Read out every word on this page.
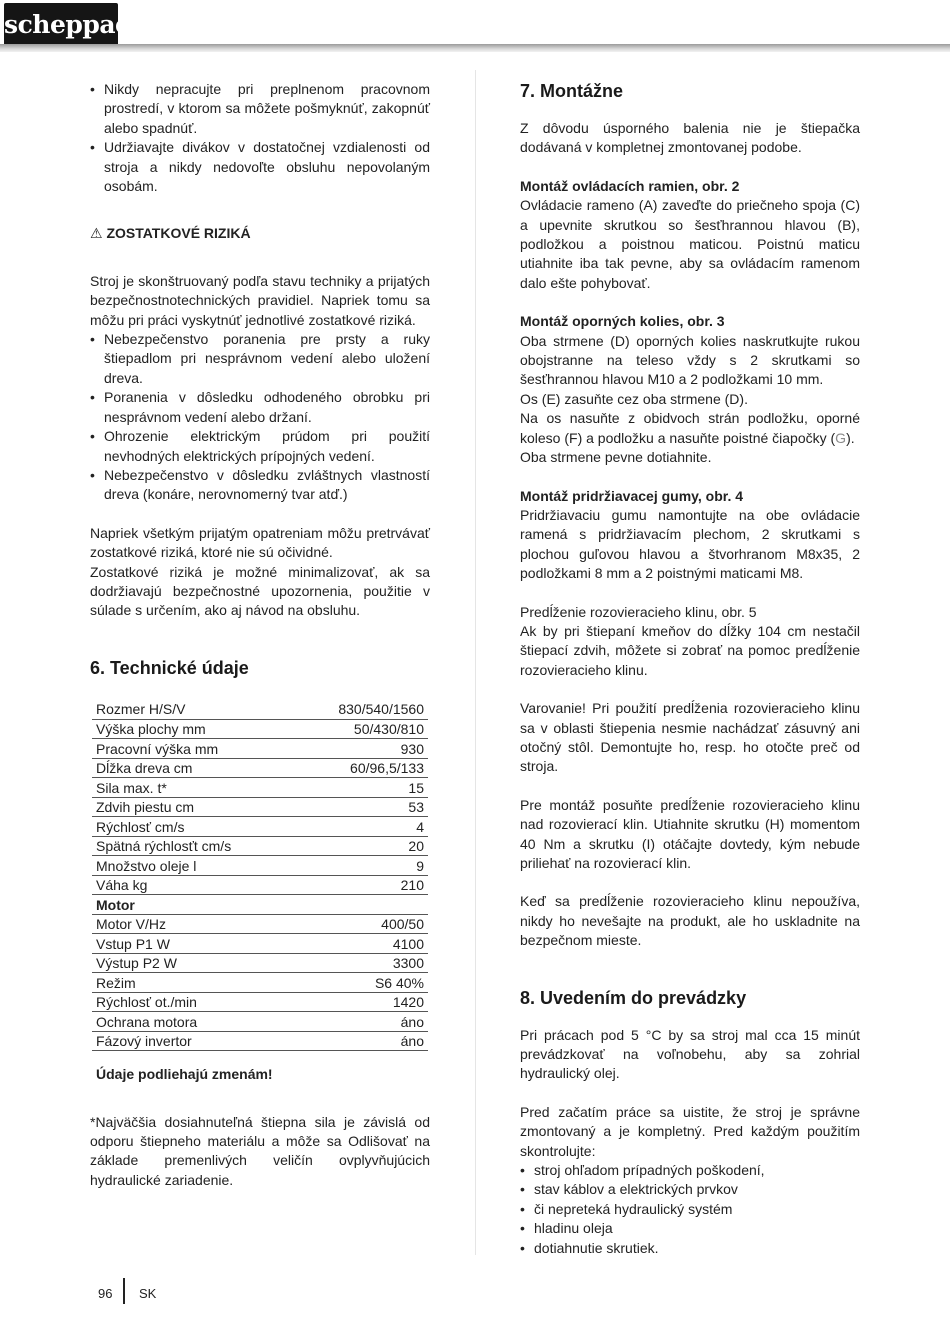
scheppach
• Nikdy nepracujte pri preplnenom pracovnom prostredí, v ktorom sa môžete pošmyknúť, zakopnúť alebo spadnúť.
• Udržiavajte divákov v dostatočnej vzdialenosti od stroja a nikdy nedovoľte obsluhu nepovolaným osobám.
⚠ ZOSTATKOVÉ RIZIKÁ

Stroj je skonštruovaný podľa stavu techniky a prijatých bezpečnostnotechnických pravidiel. Napriek tomu sa môžu pri práci vyskytnúť jednotlivé zostatkové riziká.

• Nebezpečenstvo poranenia pre prsty a ruky štiepadlom pri nesprávnom vedení alebo uložení dreva.
• Poranenia v dôsledku odhodeného obrobku pri nesprávnom vedení alebo držaní.
• Ohrozenie elektrickým prúdom pri použití nevhodných elektrických prípojných vedení.
• Nebezpečenstvo v dôsledku zvláštnych vlastností dreva (konáre, nerovnomerný tvar atď.)

Napriek všetkým prijatým opatreniam môžu pretrvávať zostatkové riziká, ktoré nie sú očividné.

Zostatkové riziká je možné minimalizovať, ak sa dodržiavajú bezpečnostné upozornenia, použitie v súlade s určením, ako aj návod na obsluhu.

6. Technické údaje
Rozmer H/S/V	830/540/1560
Výška plochy mm	50/430/810
Pracovní výška mm	930
Dĺžka dreva cm	60/96,5/133
Sila max. t*	15
Zdvih piestu cm	53
Rýchlosť cm/s	4
Spätná rýchlosťt cm/s	20
Množstvo oleje l	9
Váha kg	210
Motor	
Motor V/Hz	400/50
Vstup P1 W	4100
Výstup P2 W	3300
Režim	S6 40%
Rýchlosť ot./min	1420
Ochrana motora	áno
Fázový invertor	áno
Údaje podliehajú zmenám!

*Najväčšia dosiahnuteľná štiepna sila je závislá od odporu štiepneho materiálu a môže sa Odlišovať na základe premenlivých veličín ovplyvňujúcich hydraulické zariadenie.

7. Montážne

Z dôvodu úsporného balenia nie je štiepačka dodávaná v kompletnej zmontovanej podobe.

Montáž ovládacích ramien, obr. 2

Ovládacie rameno (A) zaveďte do priečneho spoja (C) a upevnite skrutkou so šesťhrannou hlavou (B), podložkou a poistnou maticou. Poistnú maticu utiahnite iba tak pevne, aby sa ovládacím ramenom dalo ešte pohybovať.

Montáž oporných kolies, obr. 3

Oba strmene (D) oporných kolies naskrutkujte rukou obojstranne na teleso vždy s 2 skrutkami so šesťhrannou hlavou M10 a 2 podložkami 10 mm.

Os (E) zasuňte cez oba strmene (D).

Na os nasuňte z obidvoch strán podložku, oporné koleso (F) a podložku a nasuňte poistné čiapočky (G).

Oba strmene pevne dotiahnite.

Montáž pridržiavacej gumy, obr. 4

Pridržiavaciu gumu namontujte na obe ovládacie ramená s pridržiavacím plechom, 2 skrutkami s plochou guľovou hlavou a štvorhranom M8x35, 2 podložkami 8 mm a 2 poistnými maticami M8.

Predĺženie rozovieracieho klinu, obr. 5

Ak by pri štiepaní kmeňov do dĺžky 104 cm nestačil štiepací zdvih, môžete si zobrať na pomoc predĺženie rozovieracieho klinu.

Varovanie! Pri použití predĺženia rozovieracieho klinu sa v oblasti štiepenia nesmie nachádzať zásuvný ani otočný stôl. Demontujte ho, resp. ho otočte preč od stroja.

Pre montáž posuňte predĺženie rozovieracieho klinu nad rozovierací klin. Utiahnite skrutku (H) momentom 40 Nm a skrutku (I) otáčajte dovtedy, kým nebude priliehať na rozovierací klin.

Keď sa predĺženie rozovieracieho klinu nepoužíva, nikdy ho nevešajte na produkt, ale ho uskladnite na bezpečnom mieste.

8. Uvedením do prevádzky

Pri prácach pod 5 °C by sa stroj mal cca 15 minút prevádzkovať na voľnobehu, aby sa zohrial hydraulický olej.

Pred začatím práce sa uistite, že stroj je správne zmontovaný a je kompletný. Pred každým použitím skontrolujte:

• stroj ohľadom prípadných poškodení,
• stav káblov a elektrických prvkov
• či nepreteká hydraulický systém
• hladinu oleja
• dotiahnutie skrutiek.
96 SK
